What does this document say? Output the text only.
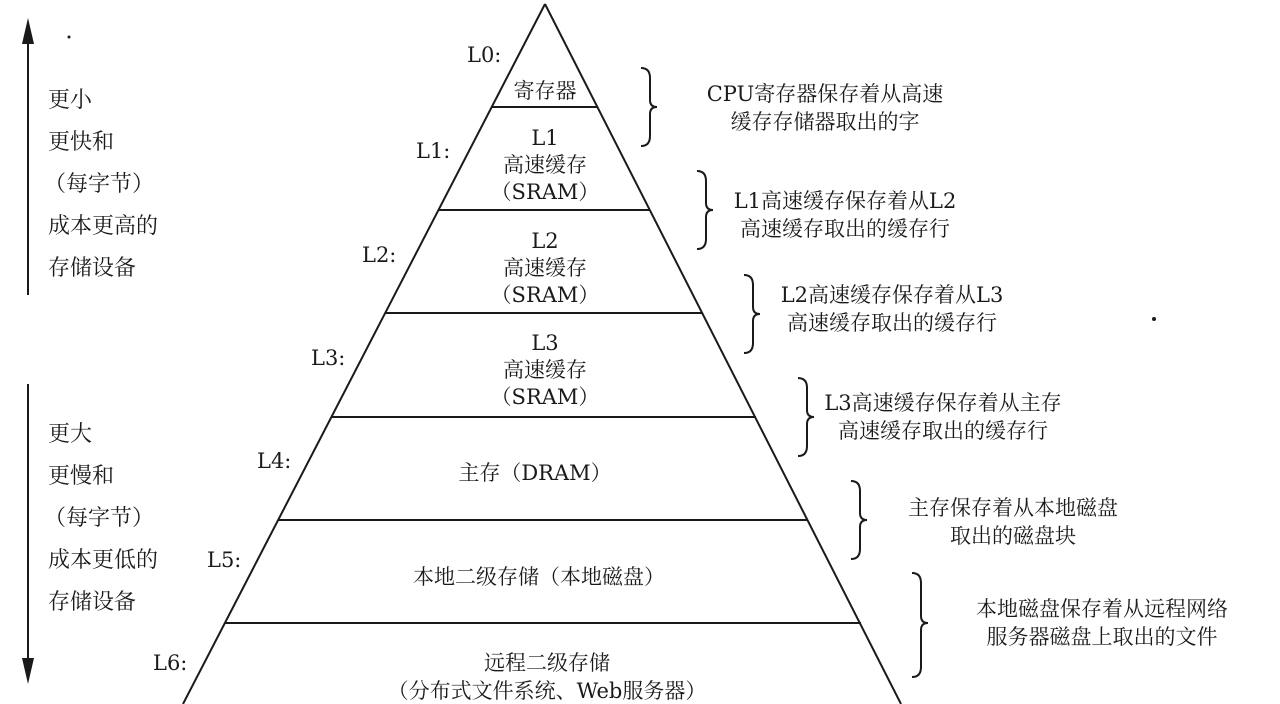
更小
更快和
（每字节）
成本更高的
存储设备
更大
更慢和
（每字节）
成本更低的
存储设备
L0:
L1:
L2:
L3:
L4:
L5:
L6:
寄存器
L1
高速缓存
（SRAM）
L2
高速缓存
（SRAM）
L3
高速缓存
（SRAM）
主存（DRAM）
本地二级存储（本地磁盘）
远程二级存储
（分布式文件系统、Web服务器）
CPU寄存器保存着从高速
缓存存储器取出的字
L1高速缓存保存着从L2
高速缓存取出的缓存行
L2高速缓存保存着从L3
高速缓存取出的缓存行
L3高速缓存保存着从主存
高速缓存取出的缓存行
主存保存着从本地磁盘
取出的磁盘块
本地磁盘保存着从远程网络
服务器磁盘上取出的文件
